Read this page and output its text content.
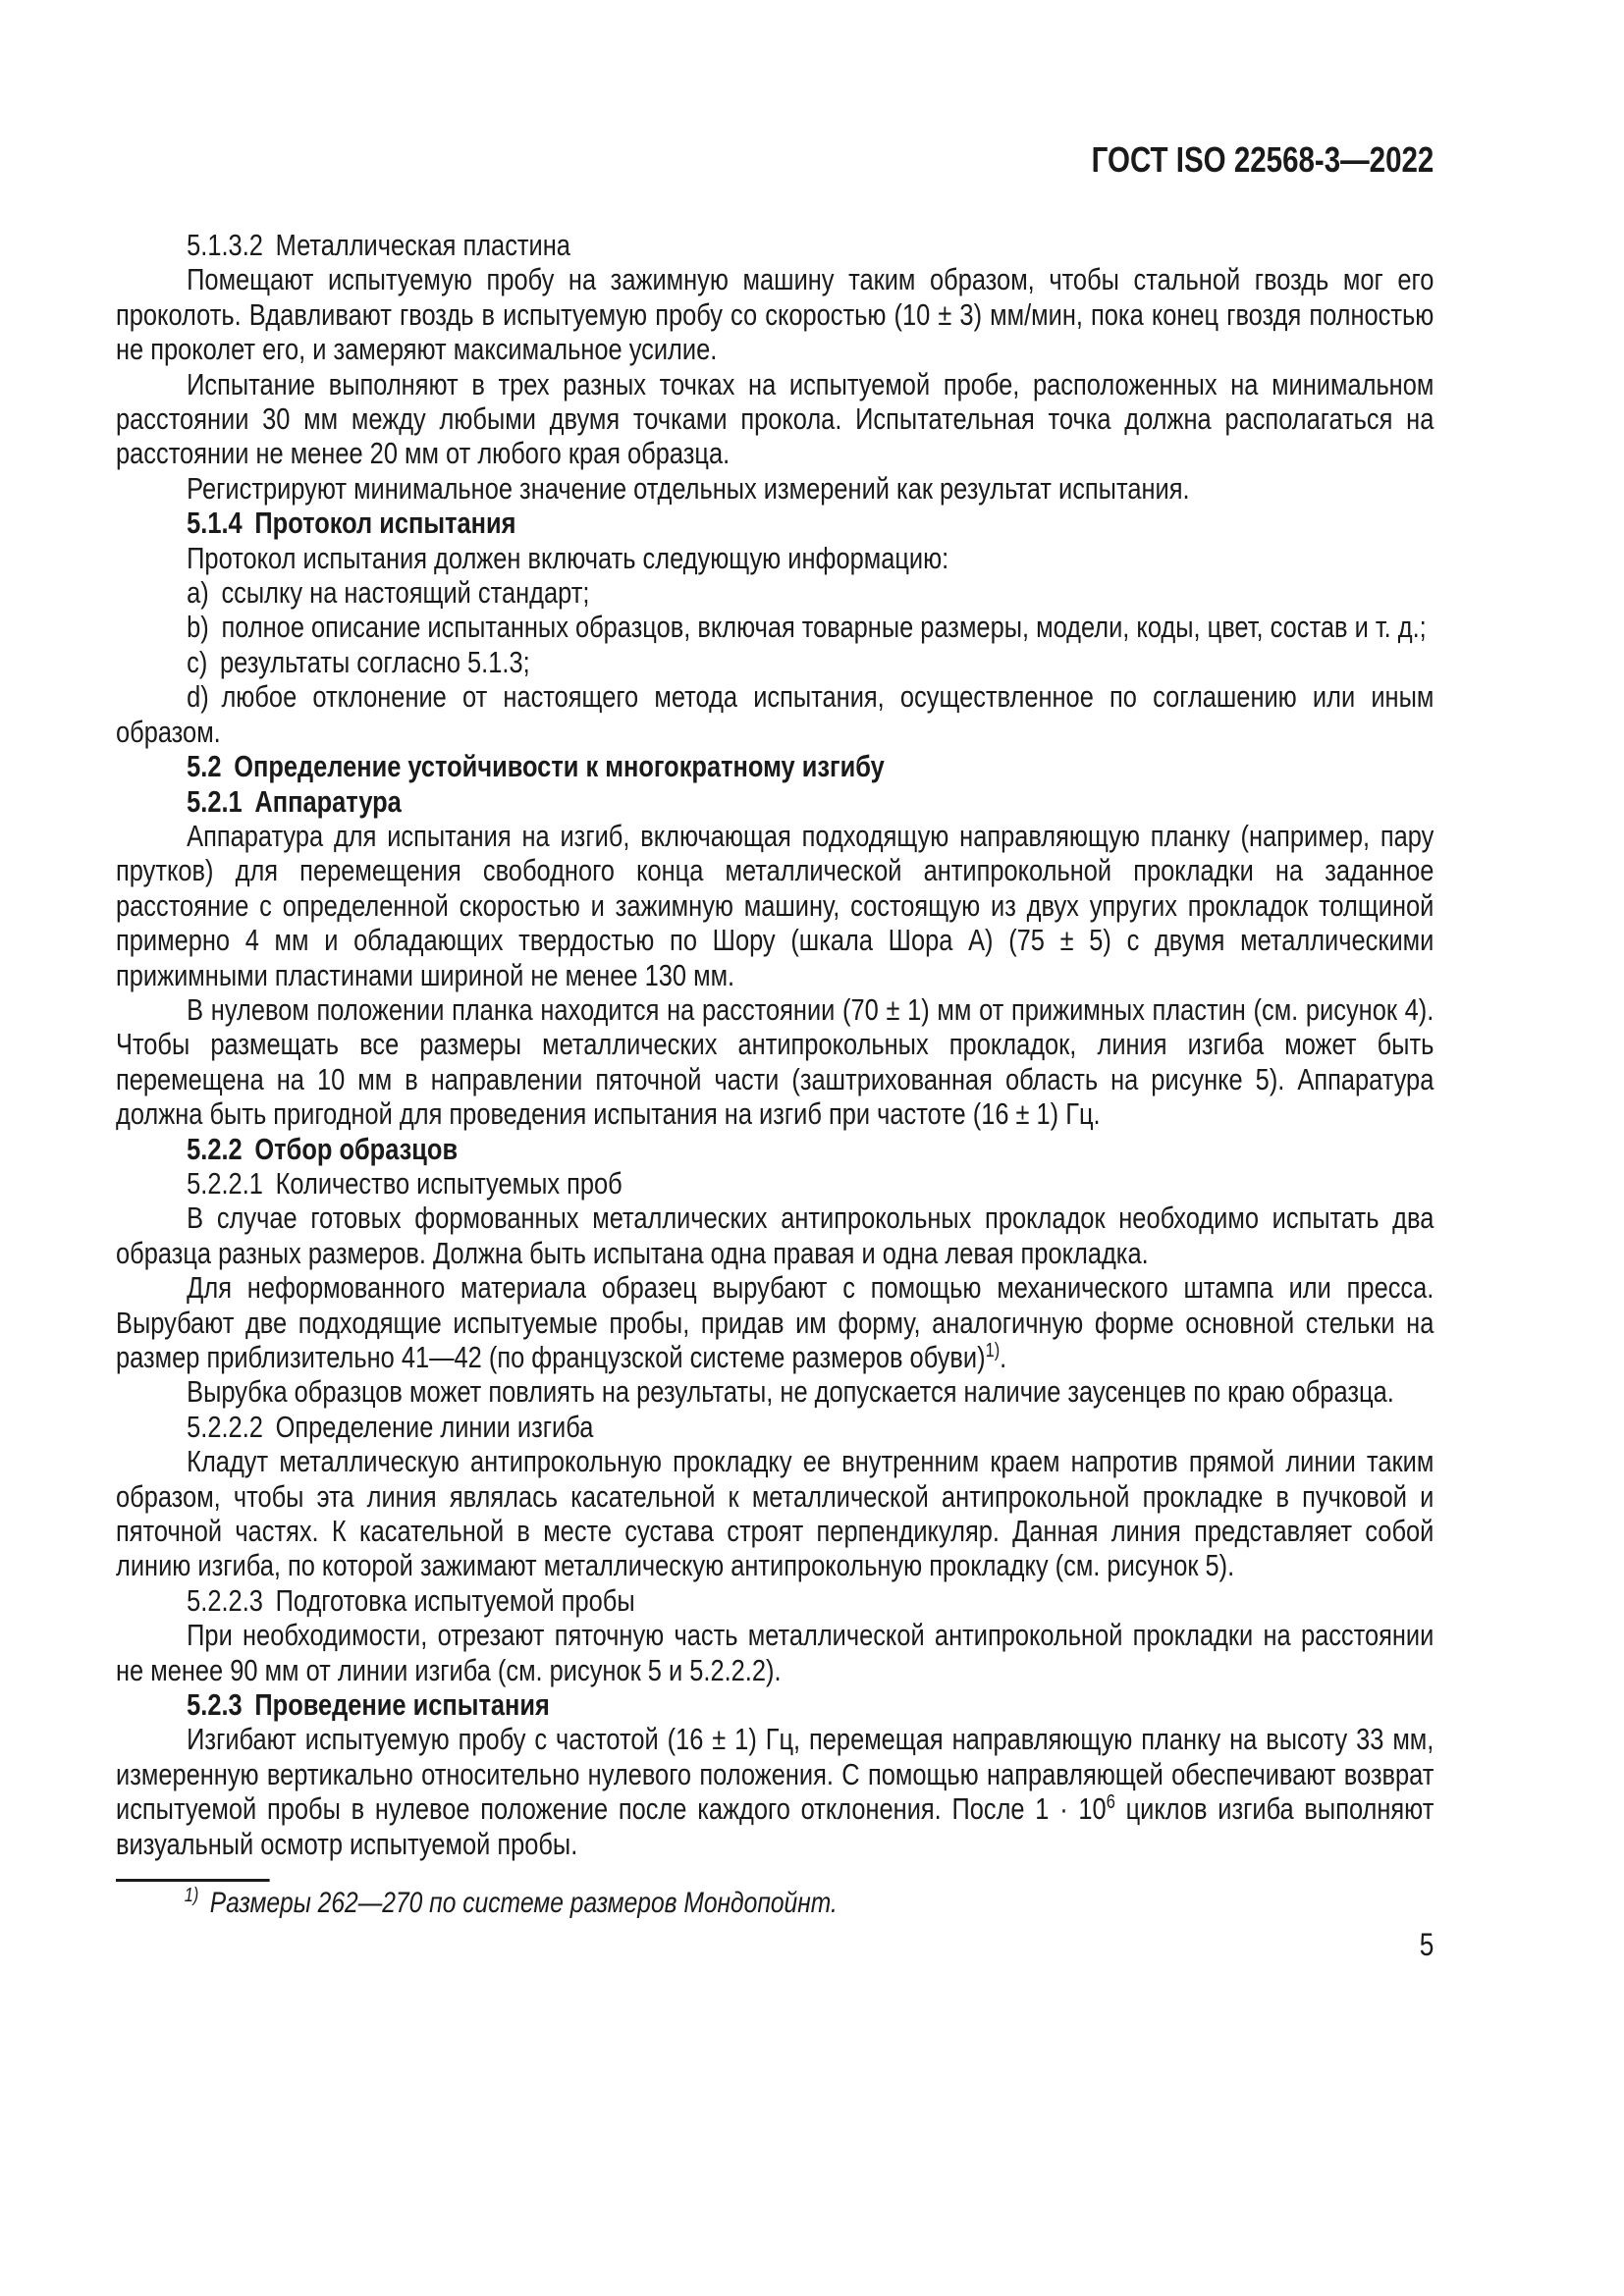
ГОСТ ISO 22568-3—2022

5.1.3.2 Металлическая пластина

Помещают испытуемую пробу на зажимную машину таким образом, чтобы стальной гвоздь мог его проколоть. Вдавливают гвоздь в испытуемую пробу со скоростью (10 ± 3) мм/мин, пока конец гвоздя полностью не проколет его, и замеряют максимальное усилие.

Испытание выполняют в трех разных точках на испытуемой пробе, расположенных на минимальном расстоянии 30 мм между любыми двумя точками прокола. Испытательная точка должна располагаться на расстоянии не менее 20 мм от любого края образца.

Регистрируют минимальное значение отдельных измерений как результат испытания.

5.1.4 Протокол испытания

Протокол испытания должен включать следующую информацию:

a) ссылку на настоящий стандарт;

b) полное описание испытанных образцов, включая товарные размеры, модели, коды, цвет, состав и т. д.;

c) результаты согласно 5.1.3;

d) любое отклонение от настоящего метода испытания, осуществленное по соглашению или иным образом.

5.2 Определение устойчивости к многократному изгибу

5.2.1 Аппаратура

Аппаратура для испытания на изгиб, включающая подходящую направляющую планку (например, пару прутков) для перемещения свободного конца металлической антипрокольной прокладки на заданное расстояние с определенной скоростью и зажимную машину, состоящую из двух упругих прокладок толщиной примерно 4 мм и обладающих твердостью по Шору (шкала Шора А) (75 ± 5) с двумя металлическими прижимными пластинами шириной не менее 130 мм.

В нулевом положении планка находится на расстоянии (70 ± 1) мм от прижимных пластин (см. рисунок 4). Чтобы размещать все размеры металлических антипрокольных прокладок, линия изгиба может быть перемещена на 10 мм в направлении пяточной части (заштрихованная область на рисунке 5). Аппаратура должна быть пригодной для проведения испытания на изгиб при частоте (16 ± 1) Гц.

5.2.2 Отбор образцов

5.2.2.1 Количество испытуемых проб

В случае готовых формованных металлических антипрокольных прокладок необходимо испытать два образца разных размеров. Должна быть испытана одна правая и одна левая прокладка.

Для неформованного материала образец вырубают с помощью механического штампа или пресса. Вырубают две подходящие испытуемые пробы, придав им форму, аналогичную форме основной стельки на размер приблизительно 41—42 (по французской системе размеров обуви)$^{1)}$.

Вырубка образцов может повлиять на результаты, не допускается наличие заусенцев по краю образца.

5.2.2.2 Определение линии изгиба

Кладут металлическую антипрокольную прокладку ее внутренним краем напротив прямой линии таким образом, чтобы эта линия являлась касательной к металлической антипрокольной прокладке в пучковой и пяточной частях. К касательной в месте сустава строят перпендикуляр. Данная линия представляет собой линию изгиба, по которой зажимают металлическую антипрокольную прокладку (см. рисунок 5).

5.2.2.3 Подготовка испытуемой пробы

При необходимости, отрезают пяточную часть металлической антипрокольной прокладки на расстоянии не менее 90 мм от линии изгиба (см. рисунок 5 и 5.2.2.2).

5.2.3 Проведение испытания

Изгибают испытуемую пробу с частотой (16 ± 1) Гц, перемещая направляющую планку на высоту 33 мм, измеренную вертикально относительно нулевого положения. С помощью направляющей обеспечивают возврат испытуемой пробы в нулевое положение после каждого отклонения. После 1 · 10$^6$ циклов изгиба выполняют визуальный осмотр испытуемой пробы.

$^{1)}$ Размеры 262—270 по системе размеров Мондопойнт.

5
